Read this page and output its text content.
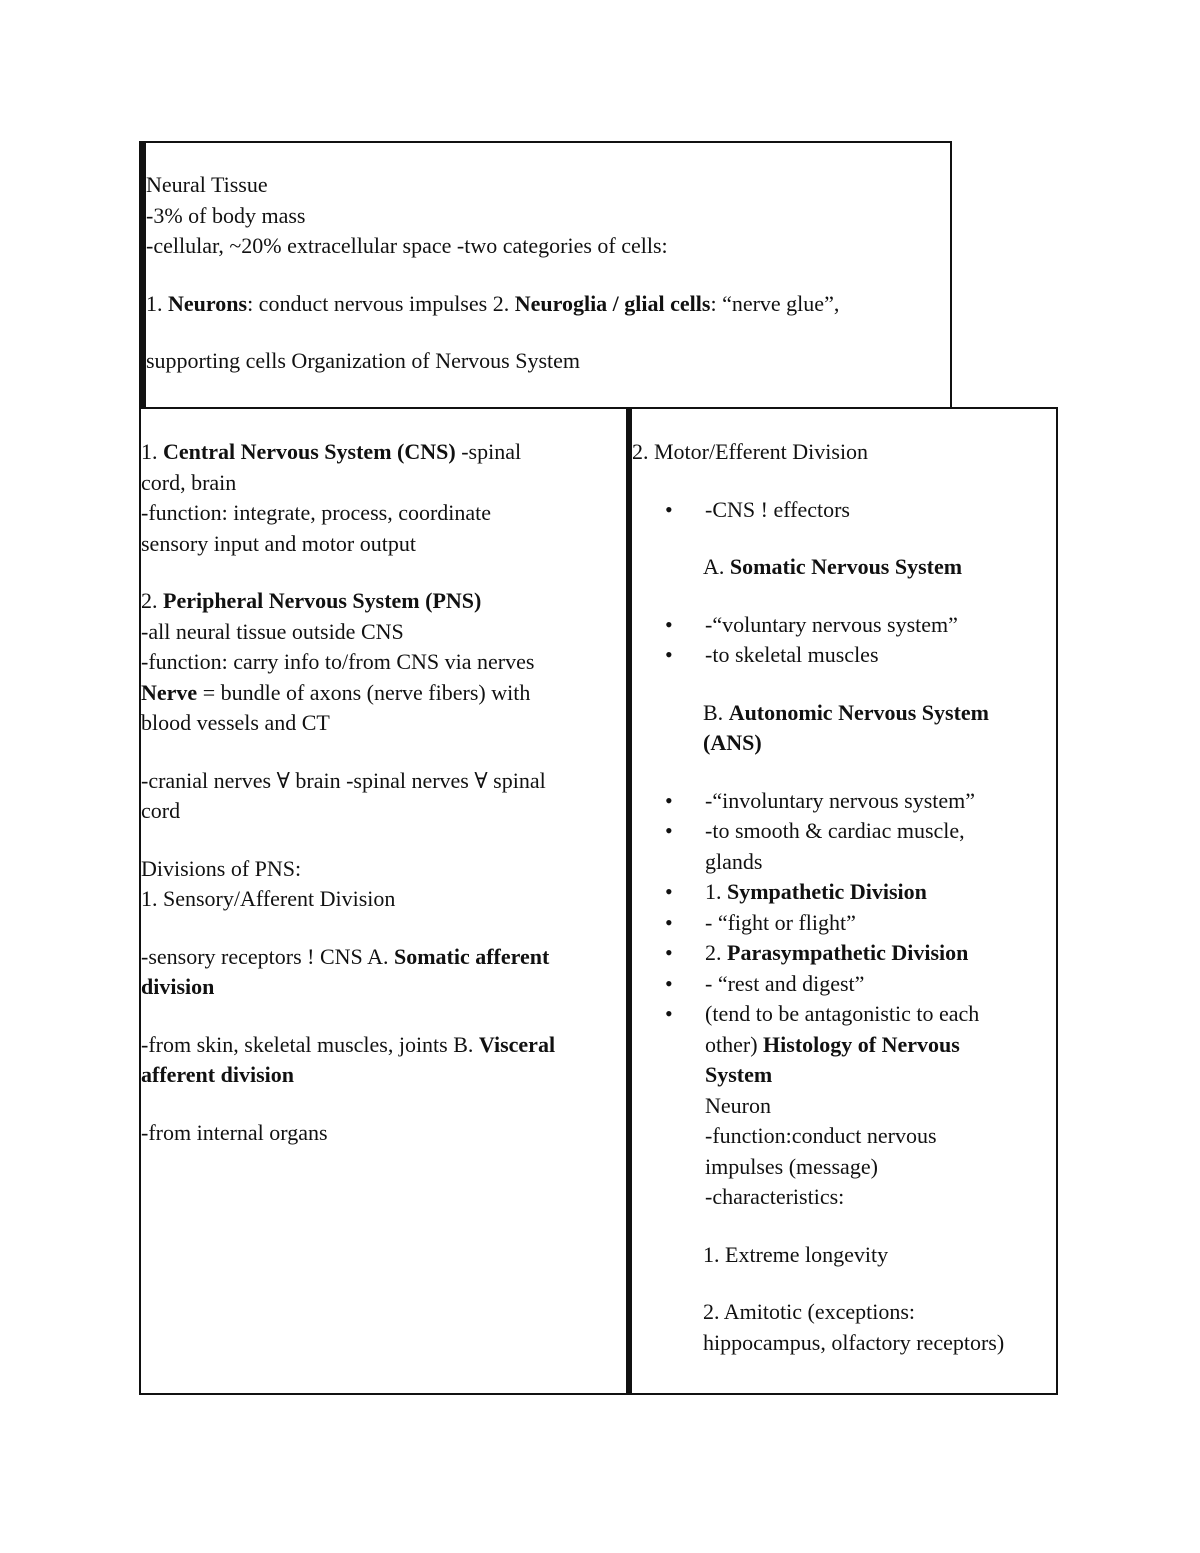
Neural Tissue

-3% of body mass

-cellular, ~20% extracellular space -two categories of cells:

1. Neurons: conduct nervous impulses 2. Neuroglia / glial cells: “nerve glue”,

supporting cells Organization of Nervous System

1. Central Nervous System (CNS) -spinal

cord, brain

-function: integrate, process, coordinate

sensory input and motor output

2. Peripheral Nervous System (PNS)

-all neural tissue outside CNS

-function: carry info to/from CNS via nerves

Nerve = bundle of axons (nerve fibers) with

blood vessels and CT

-cranial nerves ∀ brain -spinal nerves ∀ spinal

cord

Divisions of PNS:

1. Sensory/Afferent Division

-sensory receptors ! CNS A. Somatic afferent

division

-from skin, skeletal muscles, joints B. Visceral

afferent division

-from internal organs

2. Motor/Efferent Division

• -CNS ! effectors

A. Somatic Nervous System

• -“voluntary nervous system”
• -to skeletal muscles

B. Autonomic Nervous System

(ANS)

• -“involuntary nervous system”
• -to smooth & cardiac muscle,
glands
• 1. Sympathetic Division
• - “fight or flight”
• 2. Parasympathetic Division
• - “rest and digest”
• (tend to be antagonistic to each
other) Histology of Nervous
System
Neuron
-function:conduct nervous
impulses (message)
-characteristics:

1. Extreme longevity

2. Amitotic (exceptions:

hippocampus, olfactory receptors)
